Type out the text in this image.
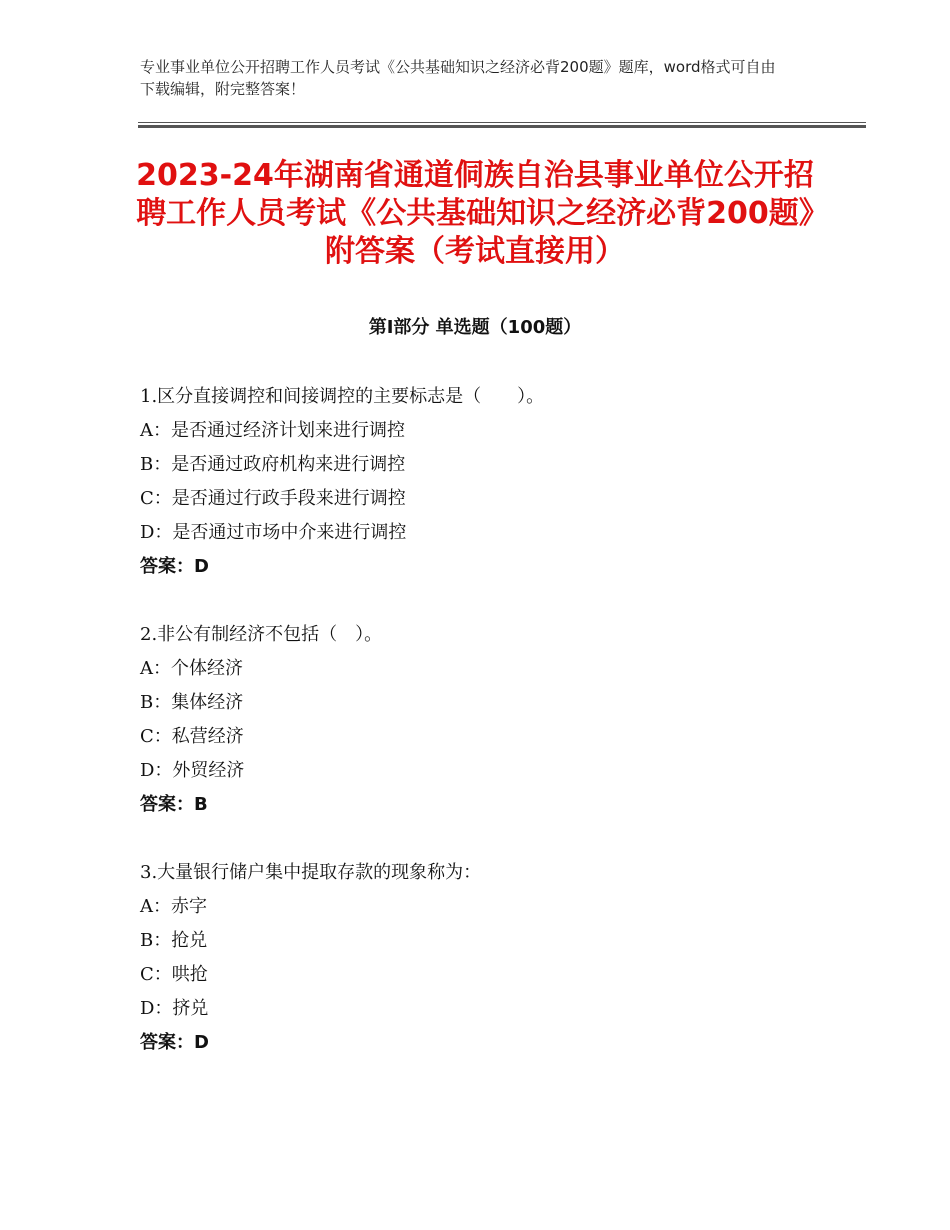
专业事业单位公开招聘工作人员考试《公共基础知识之经济必背200题》题库，word格式可自由下载编辑，附完整答案！
2023-24年湖南省通道侗族自治县事业单位公开招聘工作人员考试《公共基础知识之经济必背200题》附答案（考试直接用）
第Ⅰ部分 单选题（100题）
1.区分直接调控和间接调控的主要标志是（　　）。
A：是否通过经济计划来进行调控
B：是否通过政府机构来进行调控
C：是否通过行政手段来进行调控
D：是否通过市场中介来进行调控
答案：D
2.非公有制经济不包括（　）。
A：个体经济
B：集体经济
C：私营经济
D：外贸经济
答案：B
3.大量银行储户集中提取存款的现象称为：
A：赤字
B：抢兑
C：哄抢
D：挤兑
答案：D
